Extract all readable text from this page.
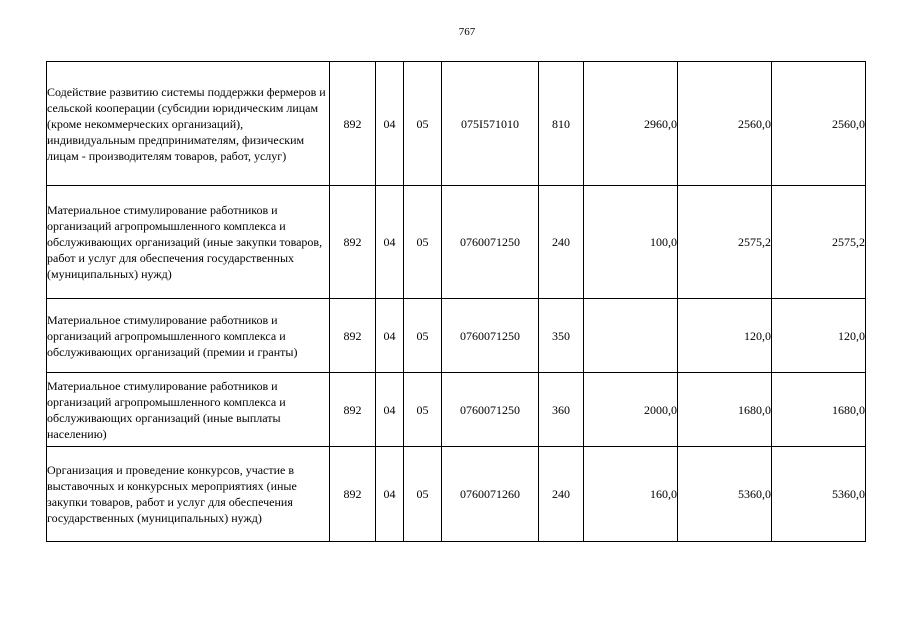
767
Содействие развитию системы поддержки фермеров и сельской кооперации (субсидии юридическим лицам (кроме некоммерческих организаций), индивидуальным предпринимателям, физическим лицам - производителям товаров, работ, услуг)	892	04	05	075I571010	810	2960,0	2560,0	2560,0
Материальное стимулирование работников и организаций агропромышленного комплекса и обслуживающих организаций (иные закупки товаров, работ и услуг для обеспечения государственных (муниципальных) нужд)	892	04	05	0760071250	240	100,0	2575,2	2575,2
Материальное стимулирование работников и организаций агропромышленного комплекса и обслуживающих организаций (премии и гранты)	892	04	05	0760071250	350		120,0	120,0
Материальное стимулирование работников и организаций агропромышленного комплекса и обслуживающих организаций (иные выплаты населению)	892	04	05	0760071250	360	2000,0	1680,0	1680,0
Организация и проведение конкурсов, участие в выставочных и конкурсных мероприятиях (иные закупки товаров, работ и услуг для обеспечения государственных (муниципальных) нужд)	892	04	05	0760071260	240	160,0	5360,0	5360,0
